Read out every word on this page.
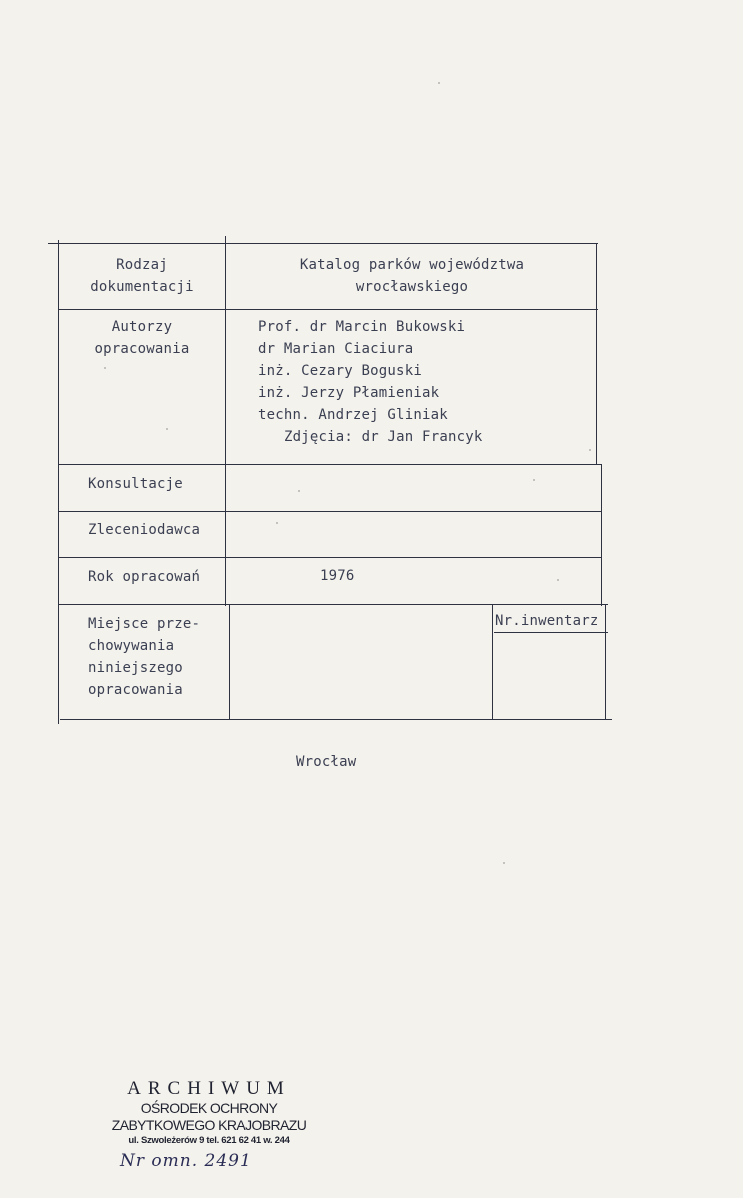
Rodzaj
dokumentacji
Katalog parków województwa
wrocławskiego
Autorzy
opracowania
Prof. dr Marcin Bukowski
dr Marian Ciaciura
inż. Cezary Boguski
inż. Jerzy Płamieniak
techn. Andrzej Gliniak
Zdjęcia: dr Jan Francyk
Konsultacje
Zleceniodawca
Rok opracowań	1976
Miejsce prze-
chowywania
niniejszego
opracowania
Nr.inwentarz
Wrocław
ARCHIWUM
OŚRODEK OCHRONY
ZABYTKOWEGO KRAJOBRAZU
ul. Szwoleżerów 9 tel. 621 62 41 w. 244
Nr omn. 2491
